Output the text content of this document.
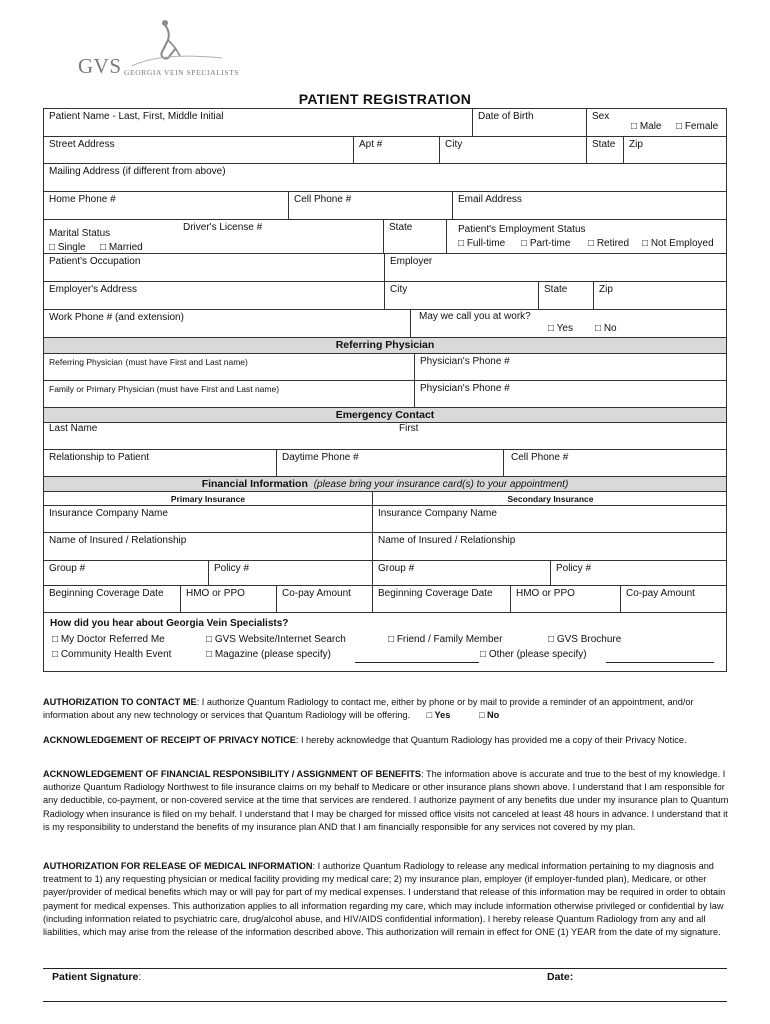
GVS GEORGIA VEIN SPECIALISTS
PATIENT REGISTRATION
Patient Name - Last, First, Middle Initial	Date of Birth	Sex
□ Male □ Female
Street Address	Apt #	City	State	Zip
Mailing Address (if different from above)
Home Phone #	Cell Phone #	Email Address
Marital Status
□ Single □ Married
Driver's License #	State	Patient's Employment Status
□ Full-time □ Part-time □ Retired □ Not Employed
Patient's Occupation	Employer
Employer's Address	City	State	Zip
Work Phone # (and extension)	May we call you at work?
□ Yes □ No
Referring Physician
Referring Physician (must have First and Last name)	Physician's Phone #
Family or Primary Physician (must have First and Last name)	Physician's Phone #
Emergency Contact
Last Name	First
Relationship to Patient	Daytime Phone #	Cell Phone #
Financial Information (please bring your insurance card(s) to your appointment)
Primary Insurance	Secondary Insurance
Insurance Company Name	Insurance Company Name
Name of Insured / Relationship	Name of Insured / Relationship
Group #	Policy #	Group #	Policy #
Beginning Coverage Date	HMO or PPO	Co-pay Amount	Beginning Coverage Date	HMO or PPO	Co-pay Amount
How did you hear about Georgia Vein Specialists?
□ My Doctor Referred Me	□ GVS Website/Internet Search	□ Friend / Family Member	□ GVS Brochure
□ Community Health Event	□ Magazine (please specify)	□ Other (please specify)
AUTHORIZATION TO CONTACT ME: I authorize Quantum Radiology to contact me, either by phone or by mail to provide a reminder of an appointment, and/or information about any new technology or services that Quantum Radiology will be offering. □ Yes	□ No
ACKNOWLEDGEMENT OF RECEIPT OF PRIVACY NOTICE: I hereby acknowledge that Quantum Radiology has provided me a copy of their Privacy Notice.
ACKNOWLEDGEMENT OF FINANCIAL RESPONSIBILITY / ASSIGNMENT OF BENEFITS: The information above is accurate and true to the best of my knowledge. I authorize Quantum Radiology Northwest to file insurance claims on my behalf to Medicare or other insurance plans shown above. I understand that I am responsible for any deductible, co-payment, or non-covered service at the time that services are rendered. I authorize payment of any benefits due under my insurance plan to Quantum Radiology when insurance is filed on my behalf. I understand that I may be charged for missed office visits not canceled at least 48 hours in advance. I understand that it is my responsibility to understand the benefits of my insurance plan AND that I am financially responsible for any services not covered by my plan.
AUTHORIZATION FOR RELEASE OF MEDICAL INFORMATION: I authorize Quantum Radiology to release any medical information pertaining to my diagnosis and treatment to 1) any requesting physician or medical facility providing my medical care; 2) my insurance plan, employer (if employer-funded plan), Medicare, or other payer/provider of medical benefits which may or will pay for part of my medical expenses. I understand that release of this information may be required in order to obtain payment for medical expenses. This authorization applies to all information regarding my care, which may include information otherwise privileged or confidential by law (including information related to psychiatric care, drug/alcohol abuse, and HIV/AIDS confidential information). I hereby release Quantum Radiology from any and all liabilities, which may arise from the release of the information described above. This authorization will remain in effect for ONE (1) YEAR from the date of my signature.
Patient Signature:	Date:
